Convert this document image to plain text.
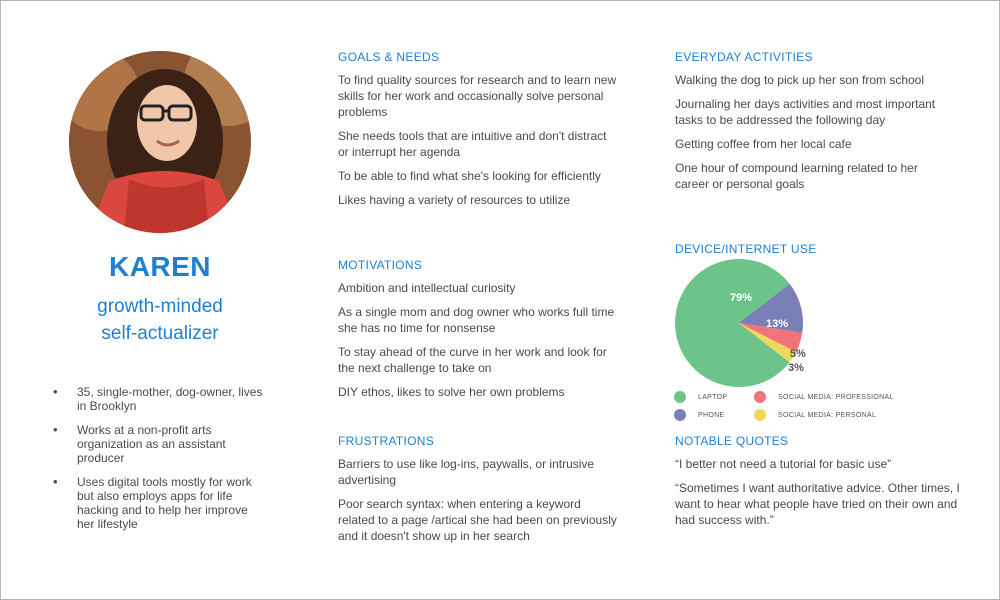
KAREN
growth-minded
self-actualizer
• 35, single-mother, dog-owner, lives in Brooklyn
• Works at a non-profit arts organization as an assistant producer
• Uses digital tools mostly for work but also employs apps for life hacking and to help her improve her lifestyle
GOALS & NEEDS

To find quality sources for research and to learn new skills for her work and occasionally solve personal problems

She needs tools that are intuitive and don't distract or interrupt her agenda

To be able to find what she's looking for efficiently

Likes having a variety of resources to utilize

MOTIVATIONS

Ambition and intellectual curiosity

As a single mom and dog owner who works full time she has no time for nonsense

To stay ahead of the curve in her work and look for the next challenge to take on

DIY ethos, likes to solve her own problems

FRUSTRATIONS

Barriers to use like log-ins, paywalls, or intrusive advertising

Poor search syntax: when entering a keyword related to a page /artical she had been on previously and it doesn't show up in her search

EVERYDAY ACTIVITIES

Walking the dog to pick up her son from school

Journaling her days activities and most important tasks to be addressed the following day

Getting coffee from her local cafe

One hour of compound learning related to her career or personal goals

DEVICE/INTERNET USE
79%
13%
5%
3%
LAPTOP
PHONE
SOCIAL MEDIA: PROFESSIONAL
SOCIAL MEDIA: PERSONAL
NOTABLE QUOTES

“I better not need a tutorial for basic use”

“Sometimes I want authoritative advice. Other times, I want to hear what people have tried on their own and had success with.”
